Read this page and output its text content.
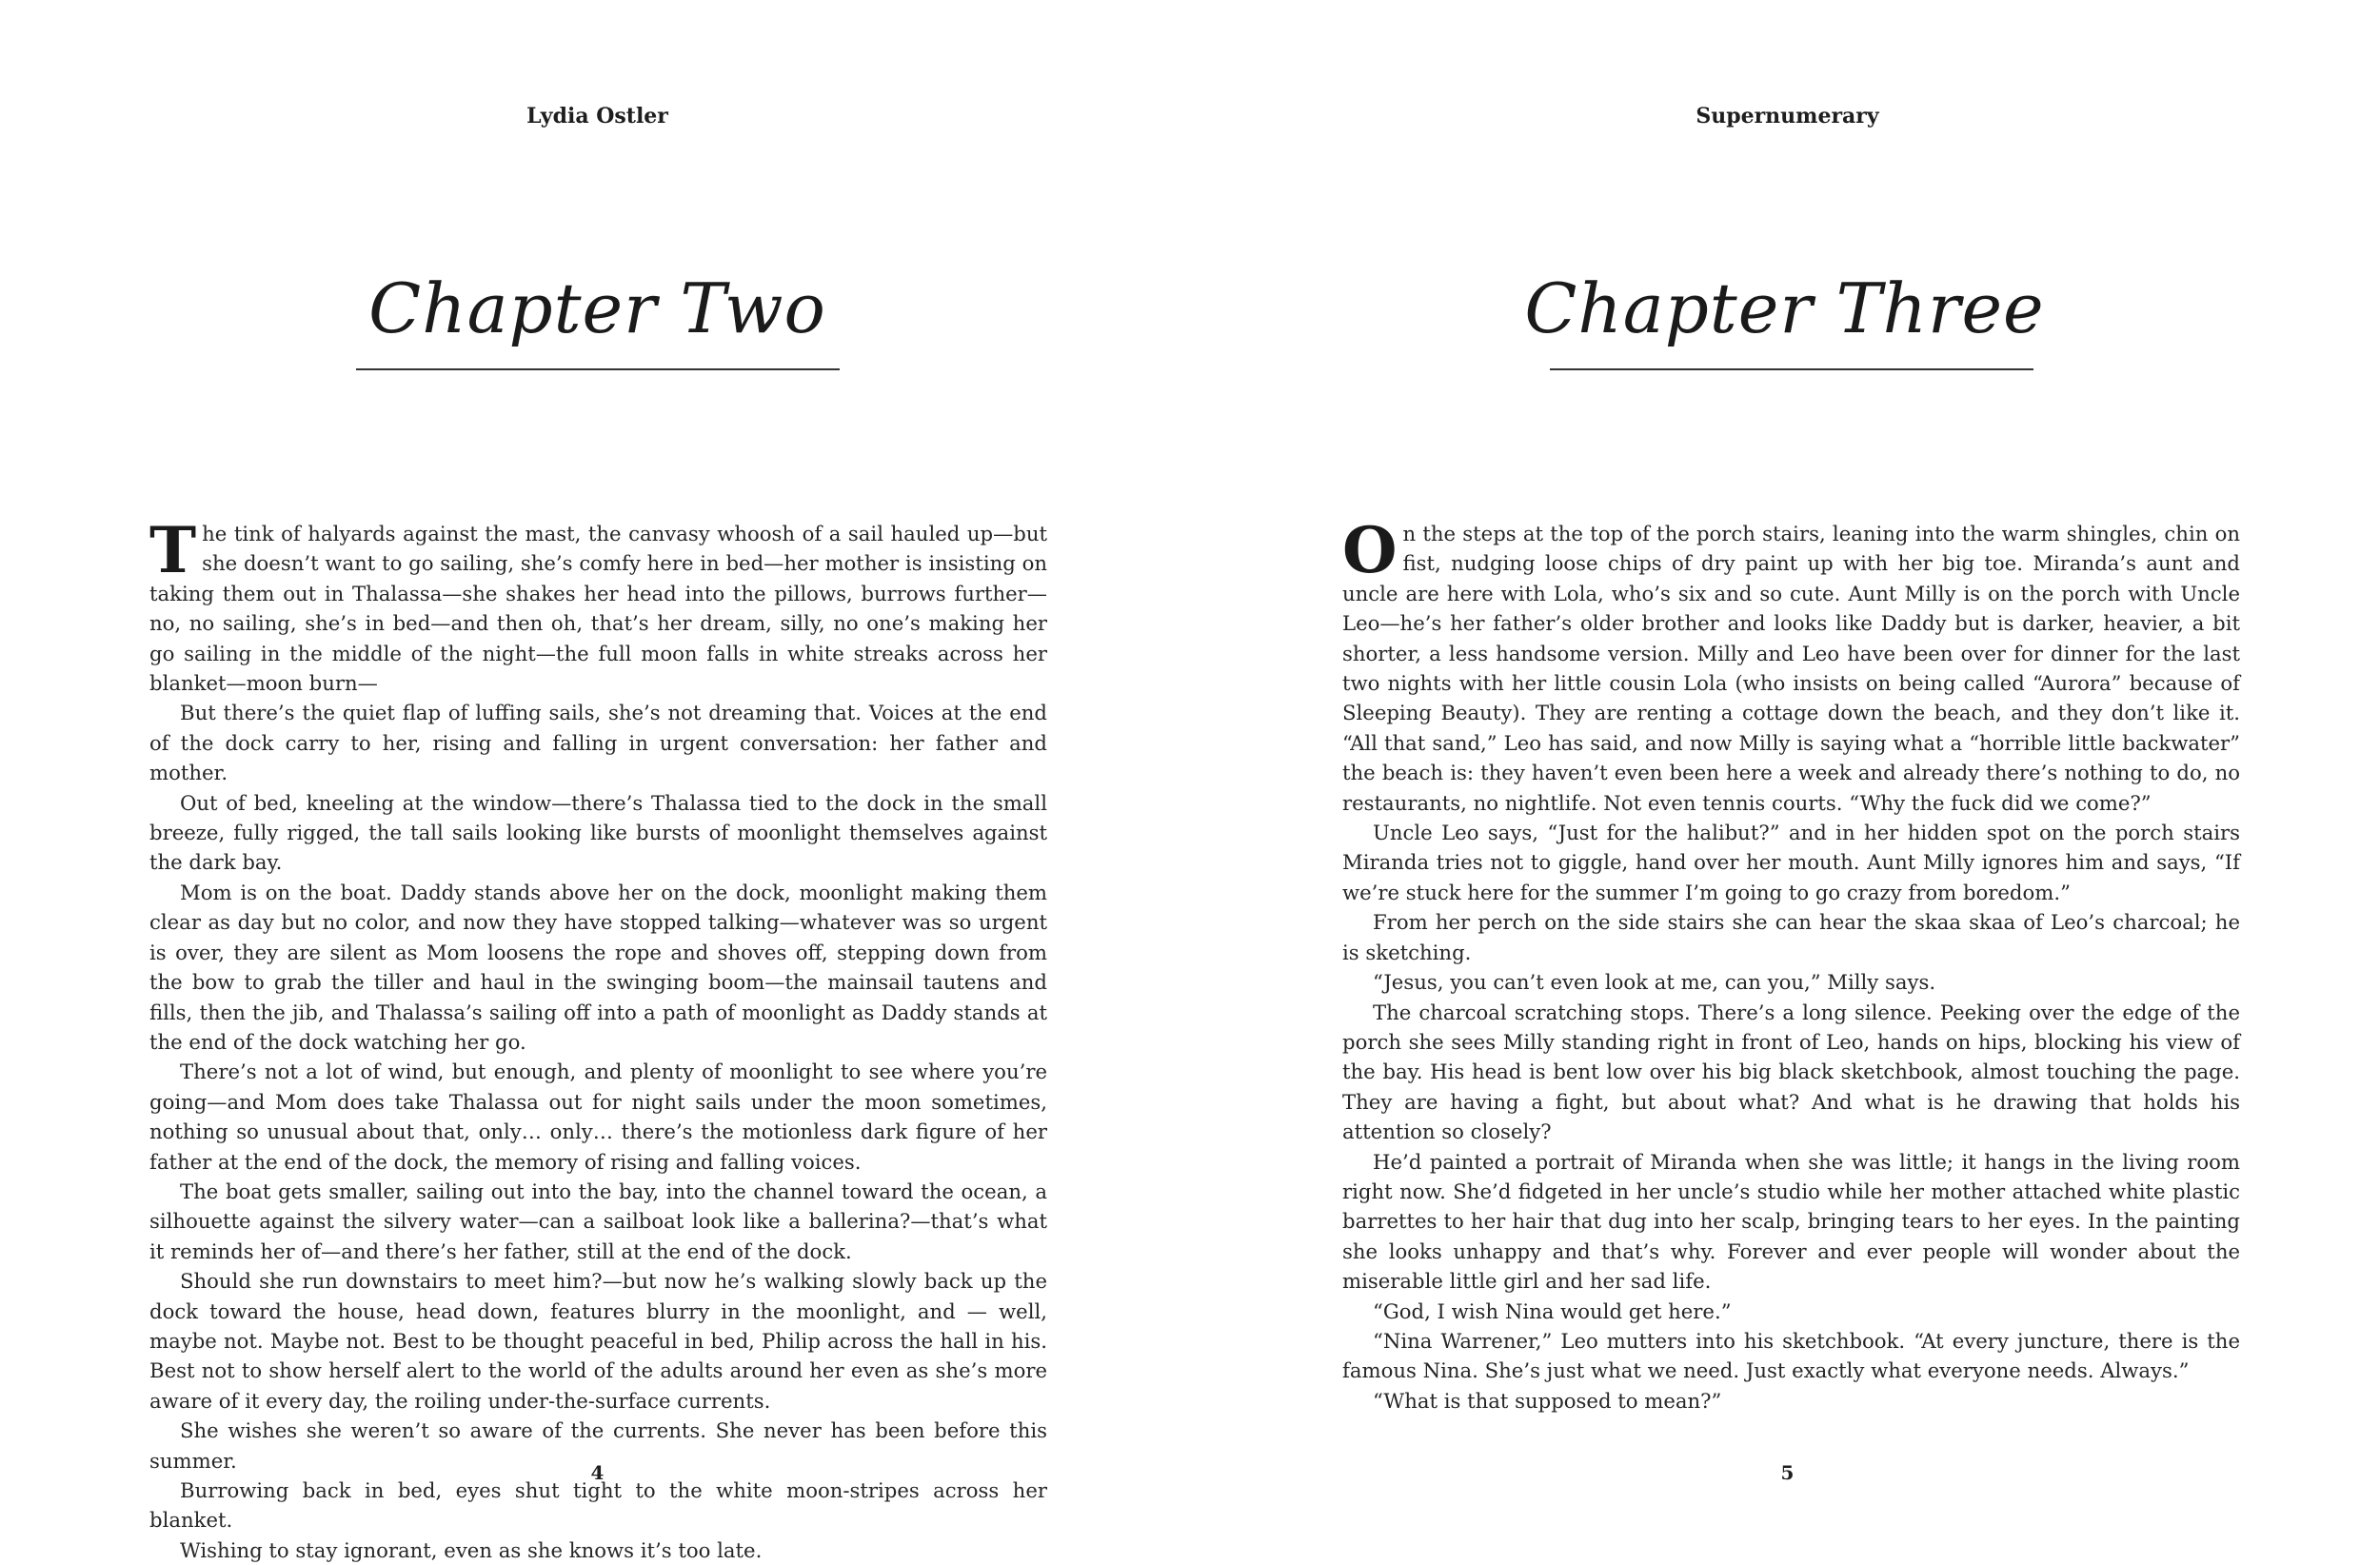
Lydia Ostler
Chapter Two

The tink of halyards against the mast, the canvasy whoosh of a sail hauled up—but she doesn’t want to go sailing, she’s comfy here in bed—her mother is insisting on taking them out in Thalassa—she shakes her head into the pillows, burrows further—no, no sailing, she’s in bed—and then oh, that’s her dream, silly, no one’s making her go sailing in the middle of the night—the full moon falls in white streaks across her blanket—moon burn—

But there’s the quiet flap of luffing sails, she’s not dreaming that. Voices at the end of the dock carry to her, rising and falling in urgent conversation: her father and mother.

Out of bed, kneeling at the window—there’s Thalassa tied to the dock in the small breeze, fully rigged, the tall sails looking like bursts of moonlight themselves against the dark bay.

Mom is on the boat. Daddy stands above her on the dock, moonlight making them clear as day but no color, and now they have stopped talking—whatever was so urgent is over, they are silent as Mom loosens the rope and shoves off, stepping down from the bow to grab the tiller and haul in the swinging boom—the mainsail tautens and fills, then the jib, and Thalassa’s sailing off into a path of moonlight as Daddy stands at the end of the dock watching her go.

There’s not a lot of wind, but enough, and plenty of moonlight to see where you’re going—and Mom does take Thalassa out for night sails under the moon sometimes, nothing so unusual about that, only… only… there’s the motionless dark figure of her father at the end of the dock, the memory of rising and falling voices.

The boat gets smaller, sailing out into the bay, into the channel toward the ocean, a silhouette against the silvery water—can a sailboat look like a ballerina?—that’s what it reminds her of—and there’s her father, still at the end of the dock.

Should she run downstairs to meet him?—but now he’s walking slowly back up the dock toward the house, head down, features blurry in the moonlight, and — well, maybe not. Maybe not. Best to be thought peaceful in bed, Philip across the hall in his. Best not to show herself alert to the world of the adults around her even as she’s more aware of it every day, the roiling under-the-surface currents.

She wishes she weren’t so aware of the currents. She never has been before this summer.

Burrowing back in bed, eyes shut tight to the white moon-stripes across her blanket.

Wishing to stay ignorant, even as she knows it’s too late.

4
Supernumerary
Chapter Three

On the steps at the top of the porch stairs, leaning into the warm shingles, chin on fist, nudging loose chips of dry paint up with her big toe. Miranda’s aunt and uncle are here with Lola, who’s six and so cute. Aunt Milly is on the porch with Uncle Leo—he’s her father’s older brother and looks like Daddy but is darker, heavier, a bit shorter, a less handsome version. Milly and Leo have been over for dinner for the last two nights with her little cousin Lola (who insists on being called “Aurora” because of Sleeping Beauty). They are renting a cottage down the beach, and they don’t like it. “All that sand,” Leo has said, and now Milly is saying what a “horrible little backwater” the beach is: they haven’t even been here a week and already there’s nothing to do, no restaurants, no nightlife. Not even tennis courts. “Why the fuck did we come?”

Uncle Leo says, “Just for the halibut?” and in her hidden spot on the porch stairs Miranda tries not to giggle, hand over her mouth. Aunt Milly ignores him and says, “If we’re stuck here for the summer I’m going to go crazy from boredom.”

From her perch on the side stairs she can hear the skaa skaa of Leo’s charcoal; he is sketching.

“Jesus, you can’t even look at me, can you,” Milly says.

The charcoal scratching stops. There’s a long silence. Peeking over the edge of the porch she sees Milly standing right in front of Leo, hands on hips, blocking his view of the bay. His head is bent low over his big black sketchbook, almost touching the page. They are having a fight, but about what? And what is he drawing that holds his attention so closely?

He’d painted a portrait of Miranda when she was little; it hangs in the living room right now. She’d fidgeted in her uncle’s studio while her mother attached white plastic barrettes to her hair that dug into her scalp, bringing tears to her eyes. In the painting she looks unhappy and that’s why. Forever and ever people will wonder about the miserable little girl and her sad life.

“God, I wish Nina would get here.”

“Nina Warrener,” Leo mutters into his sketchbook. “At every juncture, there is the famous Nina. She’s just what we need. Just exactly what everyone needs. Always.”

“What is that supposed to mean?”

5
